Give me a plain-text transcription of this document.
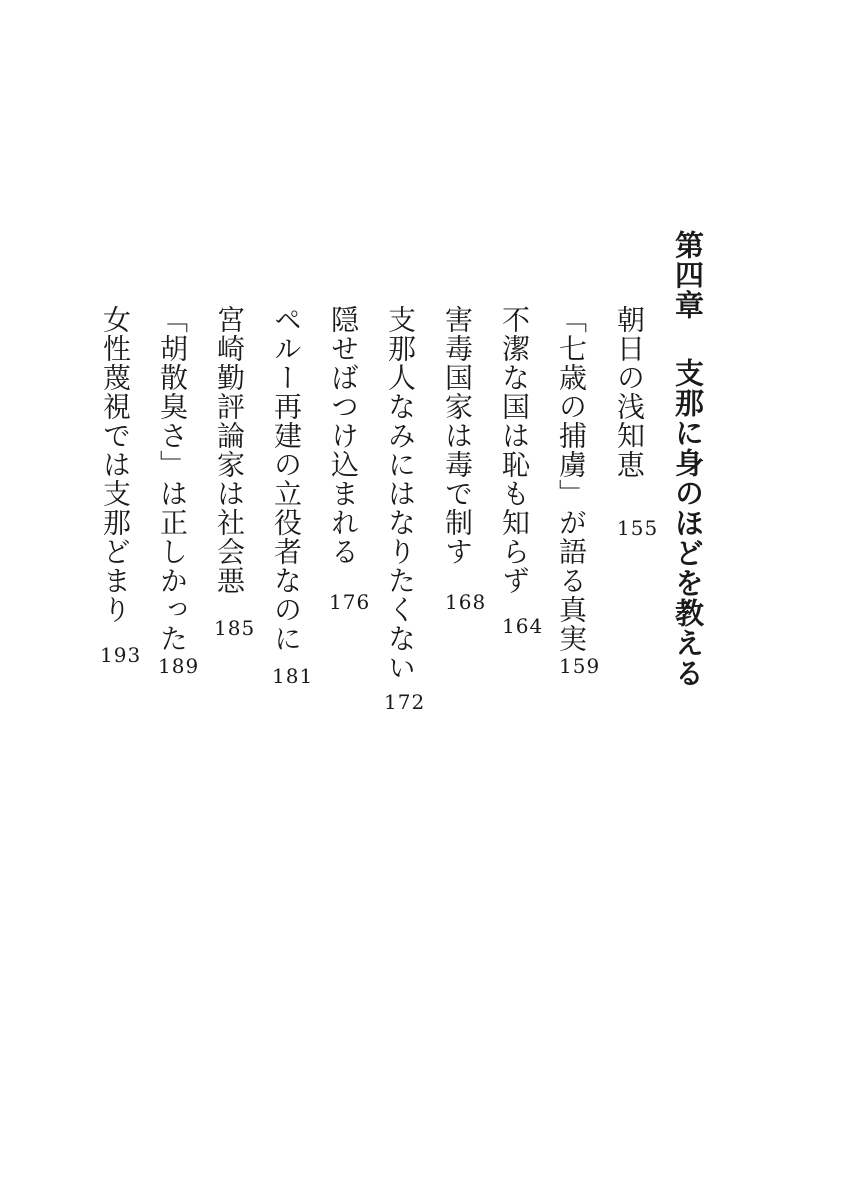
第四章支那に身のほどを教える
朝日の浅知恵
155
「七歳の捕虜」が語る真実
159
不潔な国は恥も知らず
164
害毒国家は毒で制す
168
支那人なみにはなりたくない
172
隠せばつけ込まれる
176
ペルー再建の立役者なのに
181
宮崎勤評論家は社会悪
185
「胡散臭さ」は正しかった
189
女性蔑視では支那どまり
193
